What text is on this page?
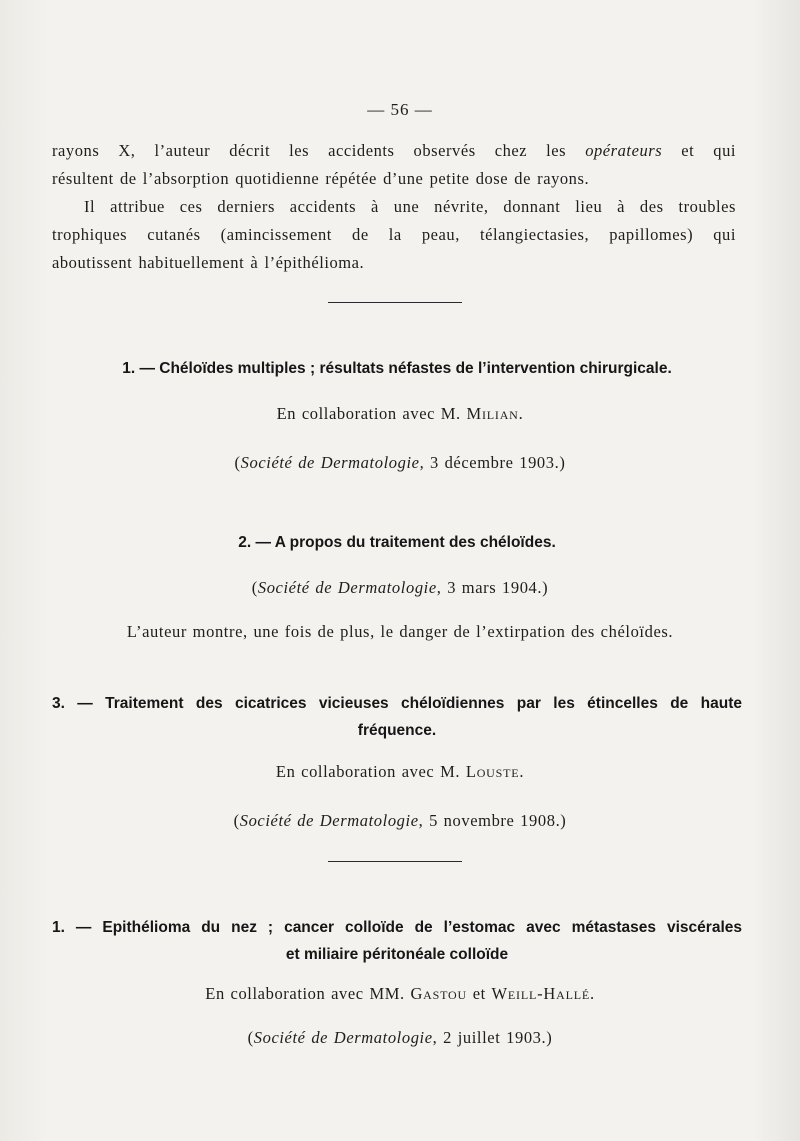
— 56 —
rayons X, l’auteur décrit les accidents observés chez les opérateurs et qui
résultent de l’absorption quotidienne répétée d’une petite dose de rayons.
Il attribue ces derniers accidents à une névrite, donnant lieu à des troubles
trophiques cutanés (amincissement de la peau, télangiectasies, papillomes) qui
aboutissent habituellement à l’épithélioma.
1. — Chéloïdes multiples ; résultats néfastes de l’intervention chirurgicale.
En collaboration avec M. Milian.
(Société de Dermatologie, 3 décembre 1903.)
2. — A propos du traitement des chéloïdes.
(Société de Dermatologie, 3 mars 1904.)
L’auteur montre, une fois de plus, le danger de l’extirpation des chéloïdes.
3. — Traitement des cicatrices vicieuses chéloïdiennes par les étincelles de haute
fréquence.
En collaboration avec M. Louste.
(Société de Dermatologie, 5 novembre 1908.)
1. — Epithélioma du nez ; cancer colloïde de l’estomac avec métastases viscérales
et miliaire péritonéale colloïde
En collaboration avec MM. Gastou et Weill-Hallé.
(Société de Dermatologie, 2 juillet 1903.)
